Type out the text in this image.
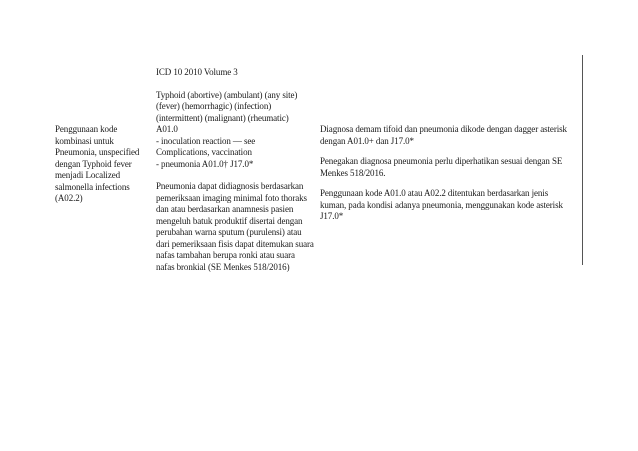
Penggunaan kode
kombinasi untuk
Pneumonia, unspecified
dengan Typhoid fever
menjadi Localized
salmonella infections
(A02.2)
ICD 10 2010 Volume 3
Typhoid (abortive) (ambulant) (any site)
(fever) (hemorrhagic) (infection)
(intermittent) (malignant) (rheumatic)
A01.0
- inoculation reaction — see
Complications, vaccination
- pneumonia A01.0† J17.0*
Pneumonia dapat didiagnosis berdasarkan
pemeriksaan imaging minimal foto thoraks
dan atau berdasarkan anamnesis pasien
mengeluh batuk produktif disertai dengan
perubahan warna sputum (purulensi) atau
dari pemeriksaan fisis dapat ditemukan suara
nafas tambahan berupa ronki atau suara
nafas bronkial (SE Menkes 518/2016)
Diagnosa demam tifoid dan pneumonia dikode dengan dagger asterisk
dengan A01.0+ dan J17.0*
Penegakan diagnosa pneumonia perlu diperhatikan sesuai dengan SE
Menkes 518/2016.
Penggunaan kode A01.0 atau A02.2 ditentukan berdasarkan jenis
kuman, pada kondisi adanya pneumonia, menggunakan kode asterisk
J17.0*
